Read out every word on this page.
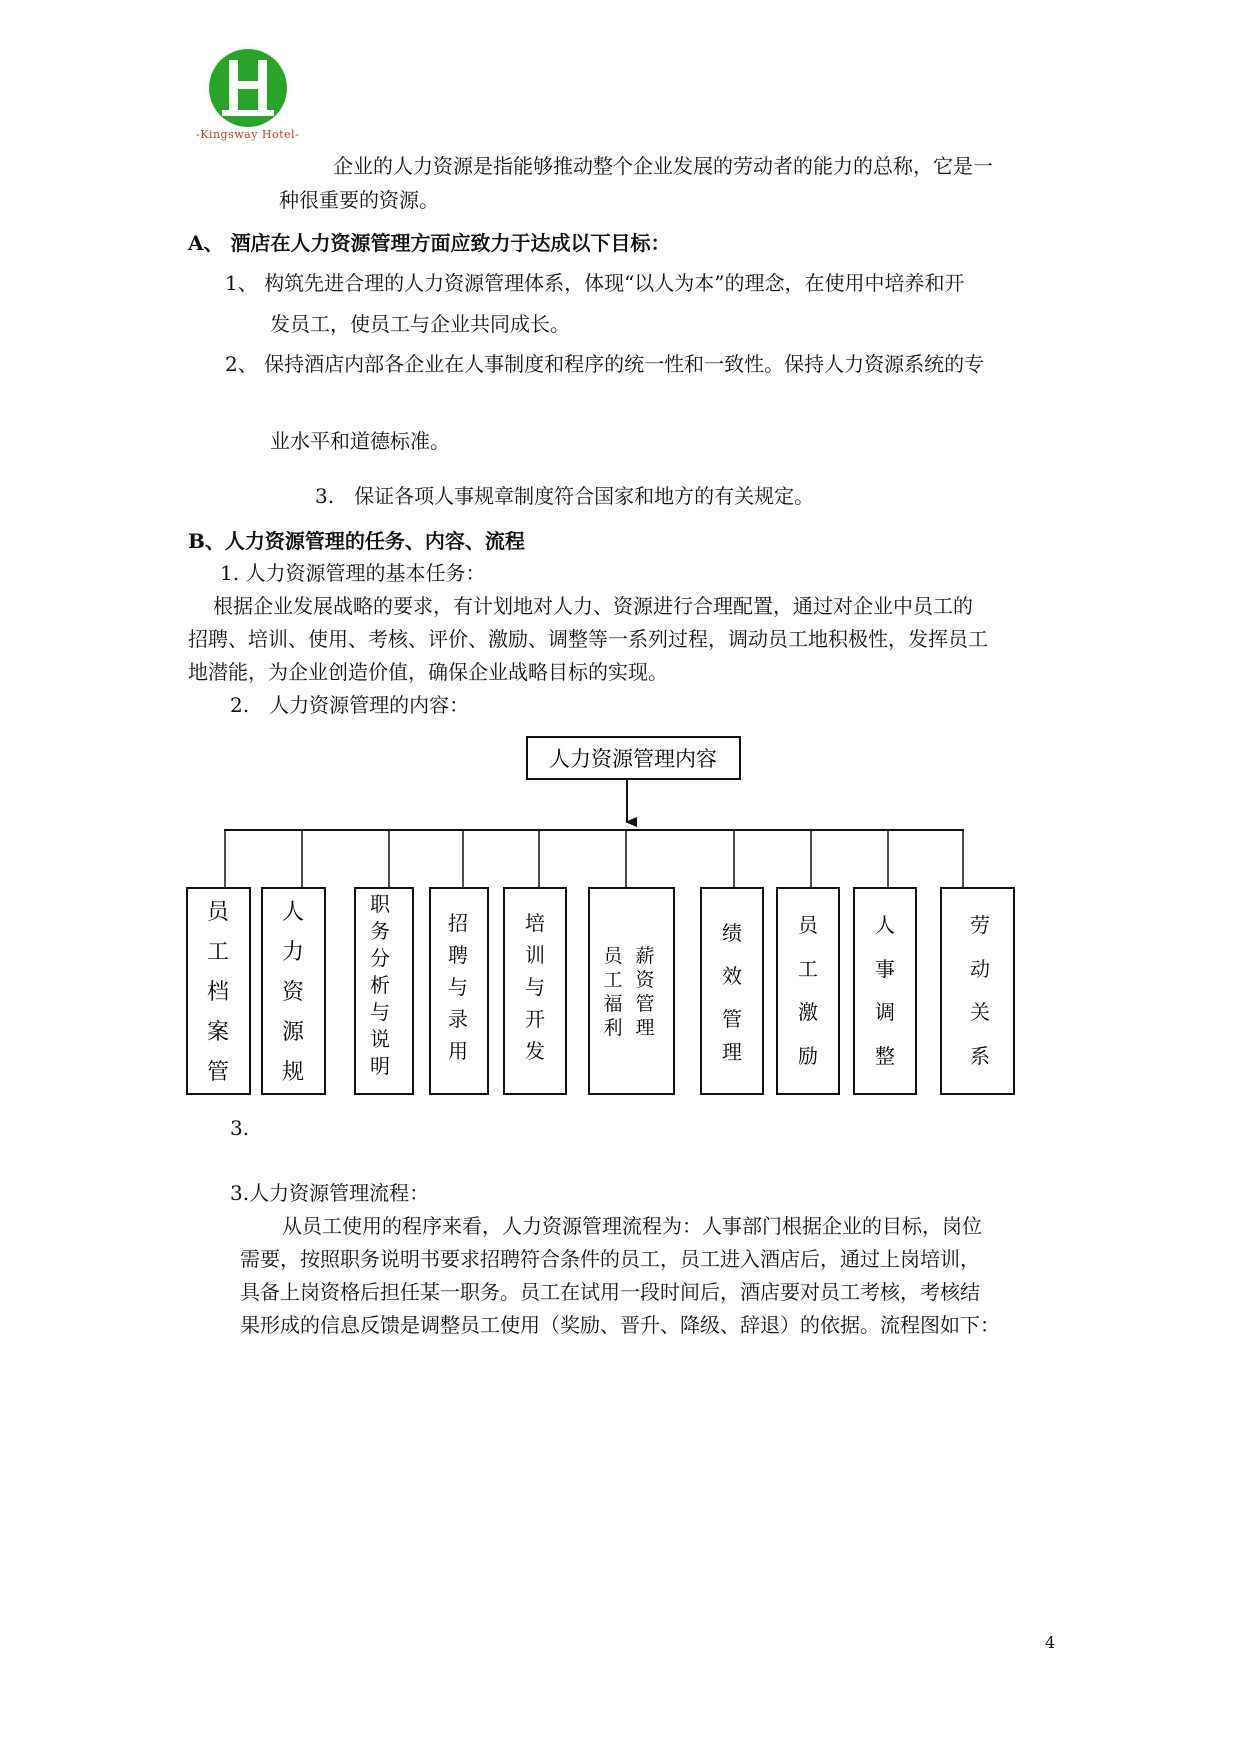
-Kingsway Hotel-
企业的人力资源是指能够推动整个企业发展的劳动者的能力的总称，它是一
种很重要的资源。
A、 酒店在人力资源管理方面应致力于达成以下目标：
1、 构筑先进合理的人力资源管理体系，体现“以人为本”的理念，在使用中培养和开
发员工，使员工与企业共同成长。
2、 保持酒店内部各企业在人事制度和程序的统一性和一致性。保持人力资源系统的专
业水平和道德标准。
3.　保证各项人事规章制度符合国家和地方的有关规定。
B、人力资源管理的任务、内容、流程
1. 人力资源管理的基本任务：
根据企业发展战略的要求，有计划地对人力、资源进行合理配置，通过对企业中员工的
招聘、培训、使用、考核、评价、激励、调整等一系列过程，调动员工地积极性，发挥员工
地潜能，为企业创造价值，确保企业战略目标的实现。
2.　人力资源管理的内容：
人力资源管理内容
员
工
档
案
管
人
力
资
源
规
职
务
分
析
与
说
明
招
聘
与
录
用
培
训
与
开
发
薪
资
管
理
员
工
福
利
绩
效
管
理
员
工
激
励
人
事
调
整
劳
动
关
系
3.
3.人力资源管理流程：
从员工使用的程序来看，人力资源管理流程为：人事部门根据企业的目标，岗位
需要，按照职务说明书要求招聘符合条件的员工，员工进入酒店后，通过上岗培训，
具备上岗资格后担任某一职务。员工在试用一段时间后，酒店要对员工考核，考核结
果形成的信息反馈是调整员工使用（奖励、晋升、降级、辞退）的依据。流程图如下：
4
